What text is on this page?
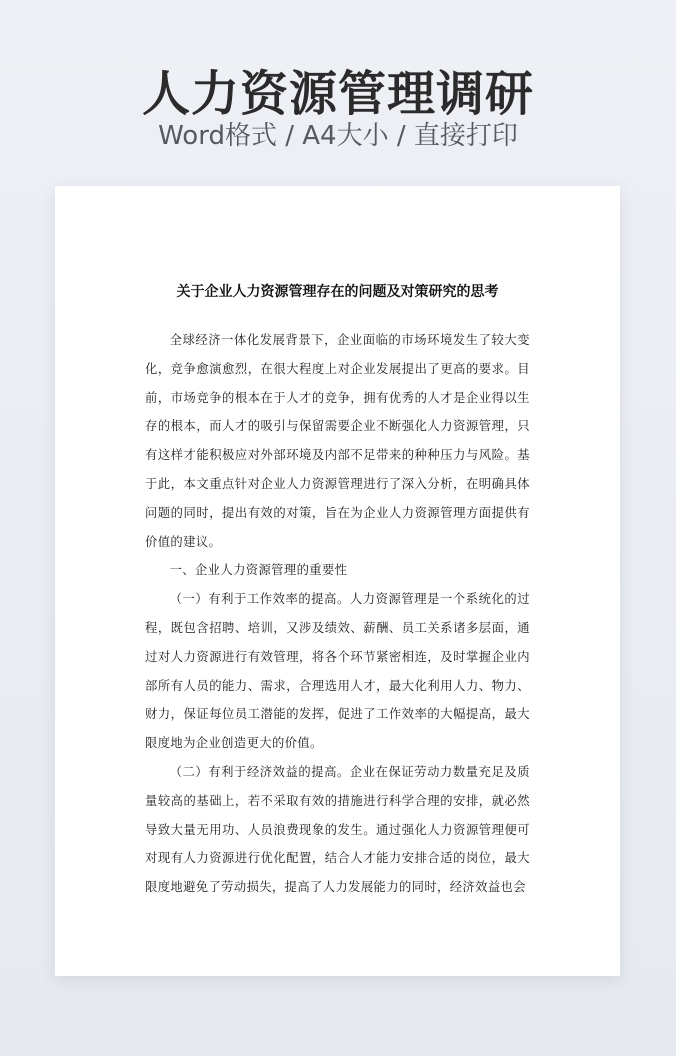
人力资源管理调研
Word格式 / A4大小 / 直接打印
关于企业人力资源管理存在的问题及对策研究的思考

全球经济一体化发展背景下，企业面临的市场环境发生了较大变化，竞争愈演愈烈，在很大程度上对企业发展提出了更高的要求。目前，市场竞争的根本在于人才的竞争，拥有优秀的人才是企业得以生存的根本，而人才的吸引与保留需要企业不断强化人力资源管理，只有这样才能积极应对外部环境及内部不足带来的种种压力与风险。基于此，本文重点针对企业人力资源管理进行了深入分析，在明确具体问题的同时，提出有效的对策，旨在为企业人力资源管理方面提供有价值的建议。

一、企业人力资源管理的重要性

（一）有利于工作效率的提高。人力资源管理是一个系统化的过程，既包含招聘、培训，又涉及绩效、薪酬、员工关系诸多层面，通过对人力资源进行有效管理，将各个环节紧密相连，及时掌握企业内部所有人员的能力、需求，合理选用人才，最大化利用人力、物力、财力，保证每位员工潜能的发挥，促进了工作效率的大幅提高，最大限度地为企业创造更大的价值。

（二）有利于经济效益的提高。企业在保证劳动力数量充足及质量较高的基础上，若不采取有效的措施进行科学合理的安排，就必然导致大量无用功、人员浪费现象的发生。通过强化人力资源管理便可对现有人力资源进行优化配置，结合人才能力安排合适的岗位，最大限度地避免了劳动损失，提高了人力发展能力的同时，经济效益也会
